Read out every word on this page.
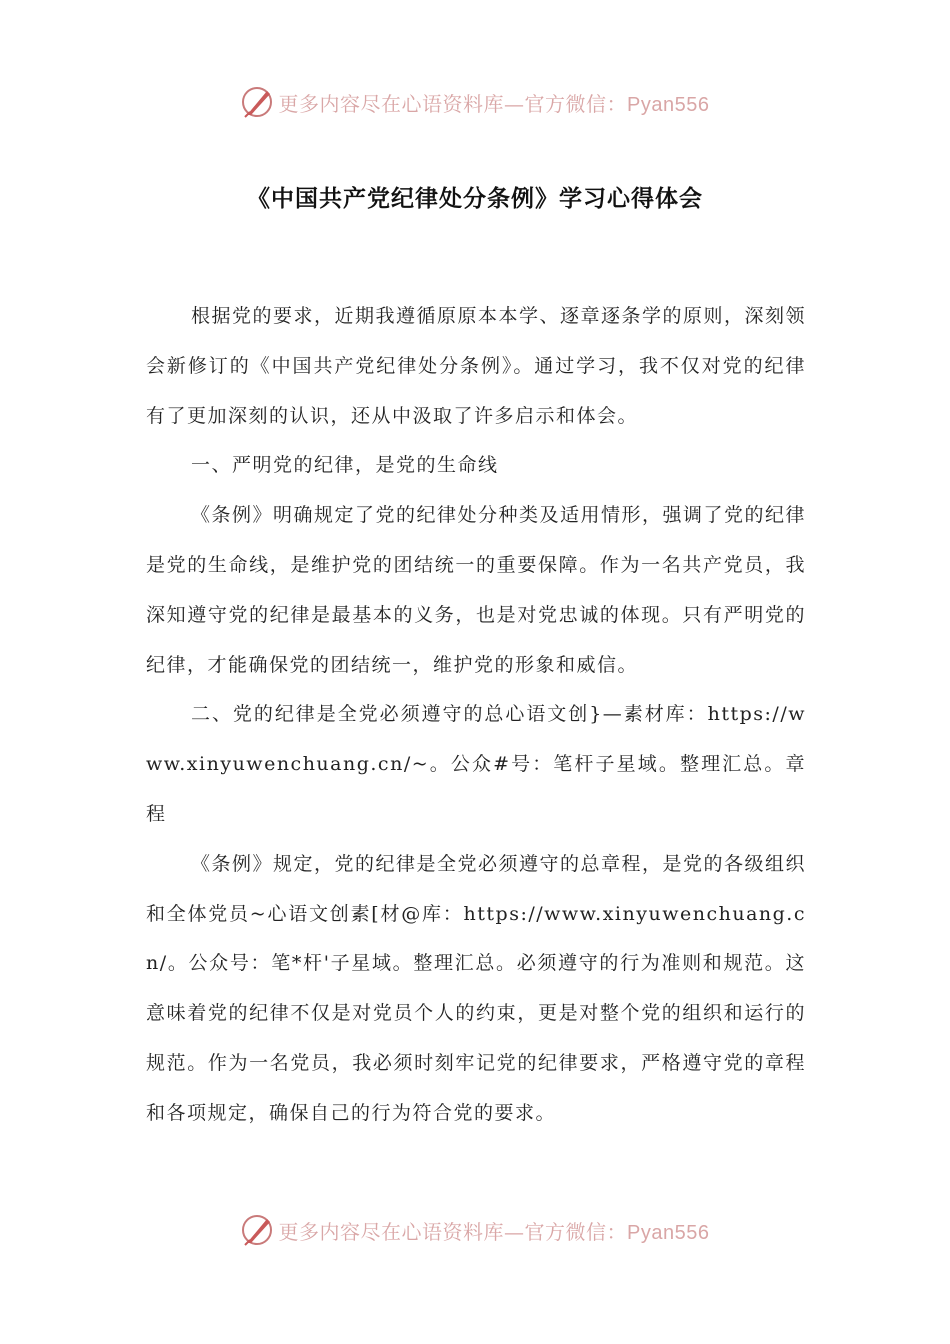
更多内容尽在心语资料库—官方微信：Pyan556
《中国共产党纪律处分条例》学习心得体会

根据党的要求，近期我遵循原原本本学、逐章逐条学的原则，深刻领会新修订的《中国共产党纪律处分条例》。通过学习，我不仅对党的纪律有了更加深刻的认识，还从中汲取了许多启示和体会。

一、严明党的纪律，是党的生命线

《条例》明确规定了党的纪律处分种类及适用情形，强调了党的纪律是党的生命线，是维护党的团结统一的重要保障。作为一名共产党员，我深知遵守党的纪律是最基本的义务，也是对党忠诚的体现。只有严明党的纪律，才能确保党的团结统一，维护党的形象和威信。

二、党的纪律是全党必须遵守的总心语文创}—素材库：https://www.xinyuwenchuang.cn/~。公众#号：笔杆子星域。整理汇总。章程

《条例》规定，党的纪律是全党必须遵守的总章程，是党的各级组织和全体党员~心语文创素[材@库：https://www.xinyuwenchuang.cn/。公众号：笔*杆'子星域。整理汇总。必须遵守的行为准则和规范。这意味着党的纪律不仅是对党员个人的约束，更是对整个党的组织和运行的规范。作为一名党员，我必须时刻牢记党的纪律要求，严格遵守党的章程和各项规定，确保自己的行为符合党的要求。

更多内容尽在心语资料库—官方微信：Pyan556
